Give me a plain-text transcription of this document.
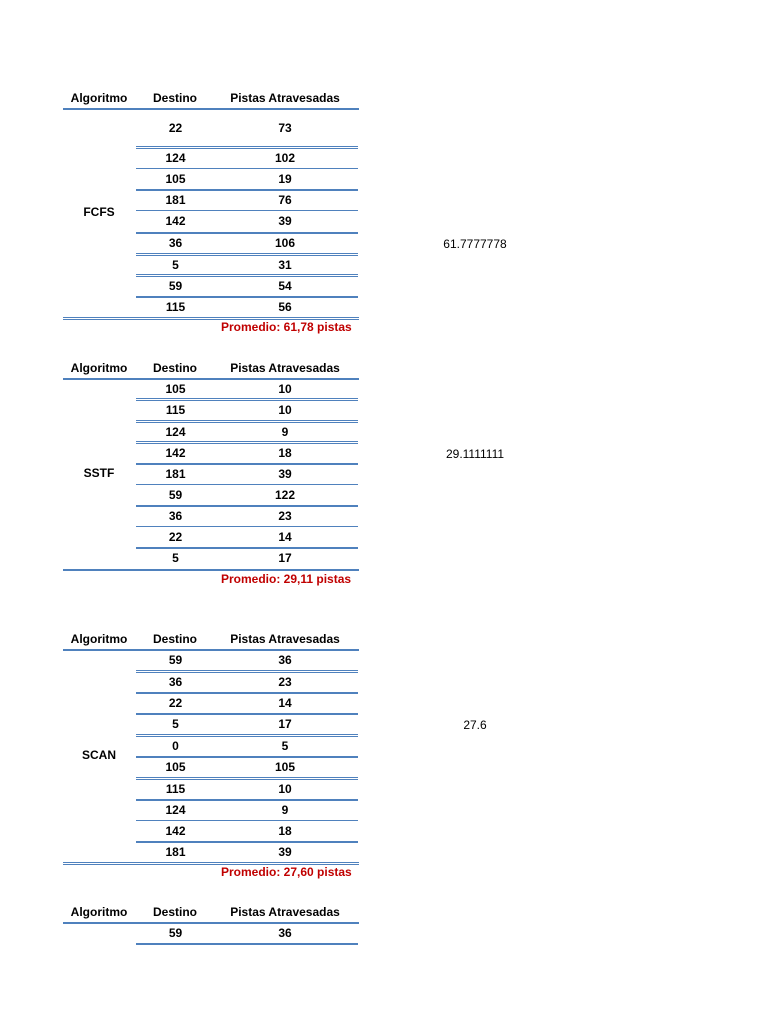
Algoritmo	Destino	Pistas Atravesadas
22	73
124	102
105	19
181	76
142	39
36	106
5	31
59	54
115	56
FCFS
Promedio: 61,78 pistas
61.7777778
Algoritmo	Destino	Pistas Atravesadas
105	10
115	10
124	9
142	18
181	39
59	122
36	23
22	14
5	17
SSTF
Promedio: 29,11 pistas
29.1111111
Algoritmo	Destino	Pistas Atravesadas
59	36
36	23
22	14
5	17
0	5
105	105
115	10
124	9
142	18
181	39
SCAN
Promedio: 27,60 pistas
27.6
Algoritmo	Destino	Pistas Atravesadas
59	36
